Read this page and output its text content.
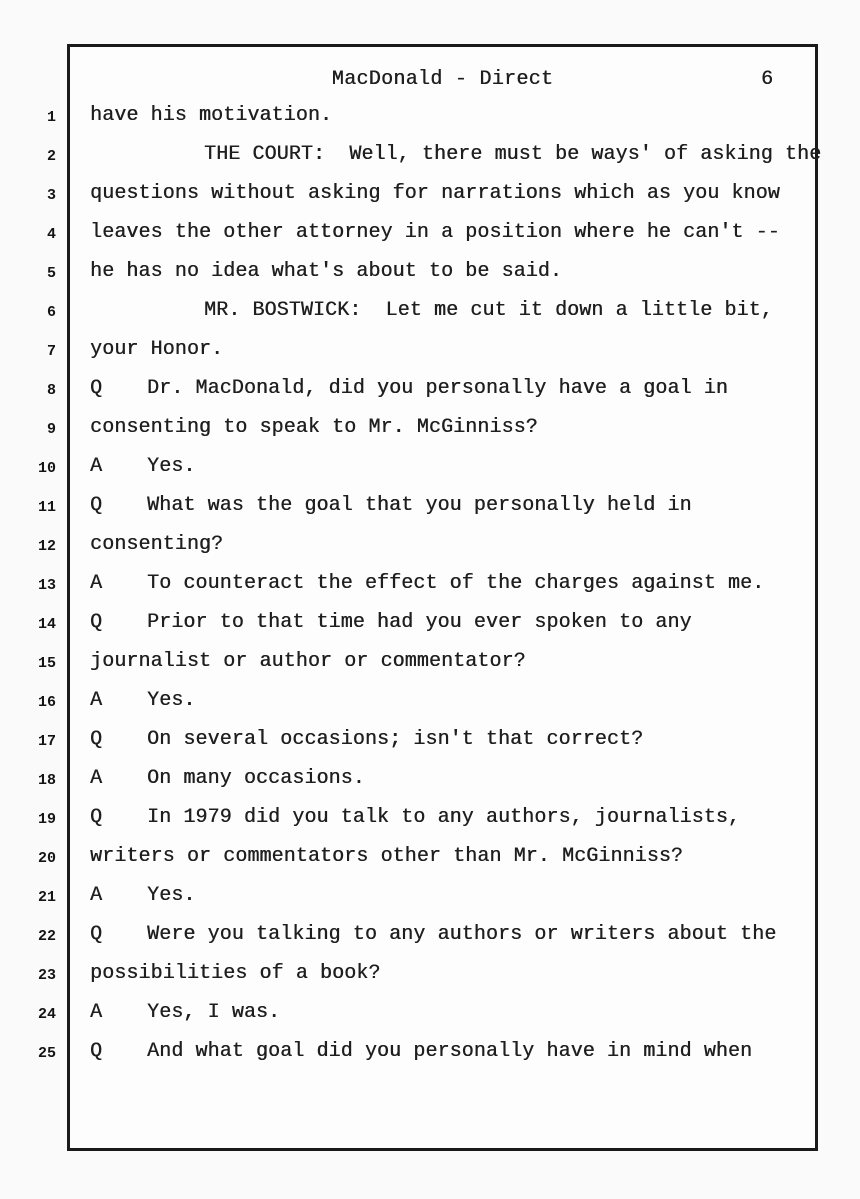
MacDonald - Direct	6
1 have his motivation.
2	THE COURT:  Well, there must be ways' of asking the
3 questions without asking for narrations which as you know
4 leaves the other attorney in a position where he can't --
5 he has no idea what's about to be said.
6	MR. BOSTWICK:  Let me cut it down a little bit,
7 your Honor.
8 Q Dr. MacDonald, did you personally have a goal in
9 consenting to speak to Mr. McGinniss?
10 A Yes.
11 Q What was the goal that you personally held in
12 consenting?
13 A To counteract the effect of the charges against me.
14 Q Prior to that time had you ever spoken to any
15 journalist or author or commentator?
16 A Yes.
17 Q On several occasions; isn't that correct?
18 A On many occasions.
19 Q In 1979 did you talk to any authors, journalists,
20 writers or commentators other than Mr. McGinniss?
21 A Yes.
22 Q Were you talking to any authors or writers about the
23 possibilities of a book?
24 A Yes, I was.
25 Q And what goal did you personally have in mind when
